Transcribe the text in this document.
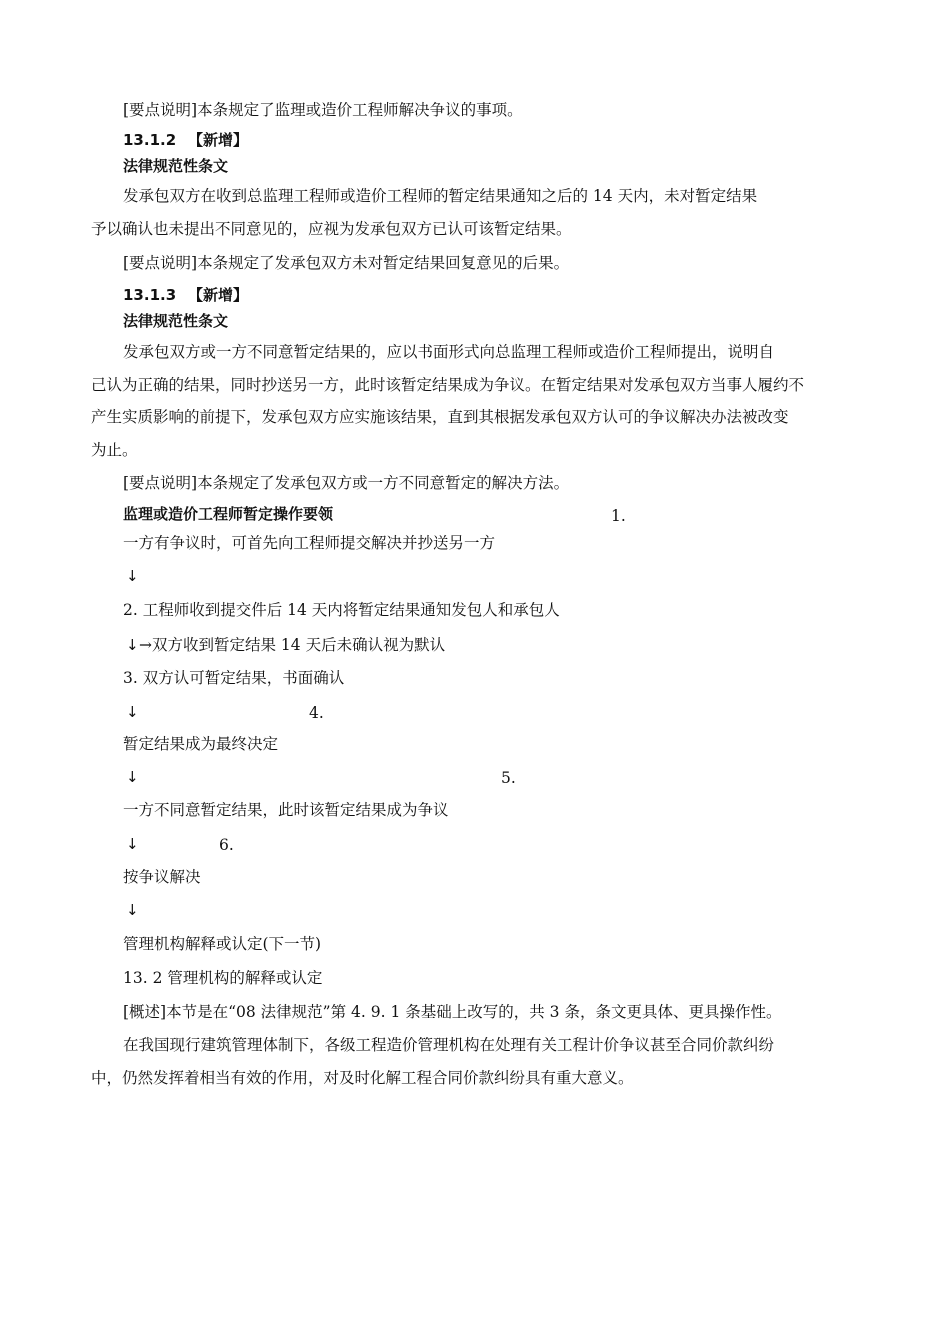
[要点说明]本条规定了监理或造价工程师解决争议的事项。
13.1.2 【新增】
法律规范性条文
发承包双方在收到总监理工程师或造价工程师的暂定结果通知之后的 14 天内，未对暂定结果
予以确认也未提出不同意见的，应视为发承包双方已认可该暂定结果。
[要点说明]本条规定了发承包双方未对暂定结果回复意见的后果。
13.1.3 【新增】
法律规范性条文
发承包双方或一方不同意暂定结果的，应以书面形式向总监理工程师或造价工程师提出，说明自
己认为正确的结果，同时抄送另一方，此时该暂定结果成为争议。在暂定结果对发承包双方当事人履约不
产生实质影响的前提下，发承包双方应实施该结果，直到其根据发承包双方认可的争议解决办法被改变
为止。
[要点说明]本条规定了发承包双方或一方不同意暂定的解决方法。
监理或造价工程师暂定操作要领	1.
一方有争议时，可首先向工程师提交解决并抄送另一方
↓
2. 工程师收到提交件后 14 天内将暂定结果通知发包人和承包人
↓ →双方收到暂定结果 14 天后未确认视为默认
3. 双方认可暂定结果，书面确认
↓	4.
暂定结果成为最终决定
↓	5.
一方不同意暂定结果，此时该暂定结果成为争议
↓	6.
按争议解决
↓
管理机构解释或认定(下一节)
13. 2 管理机构的解释或认定
[概述]本节是在“08 法律规范”第 4. 9. 1 条基础上改写的，共 3 条，条文更具体、更具操作性。
在我国现行建筑管理体制下，各级工程造价管理机构在处理有关工程计价争议甚至合同价款纠纷
中，仍然发挥着相当有效的作用，对及时化解工程合同价款纠纷具有重大意义。
